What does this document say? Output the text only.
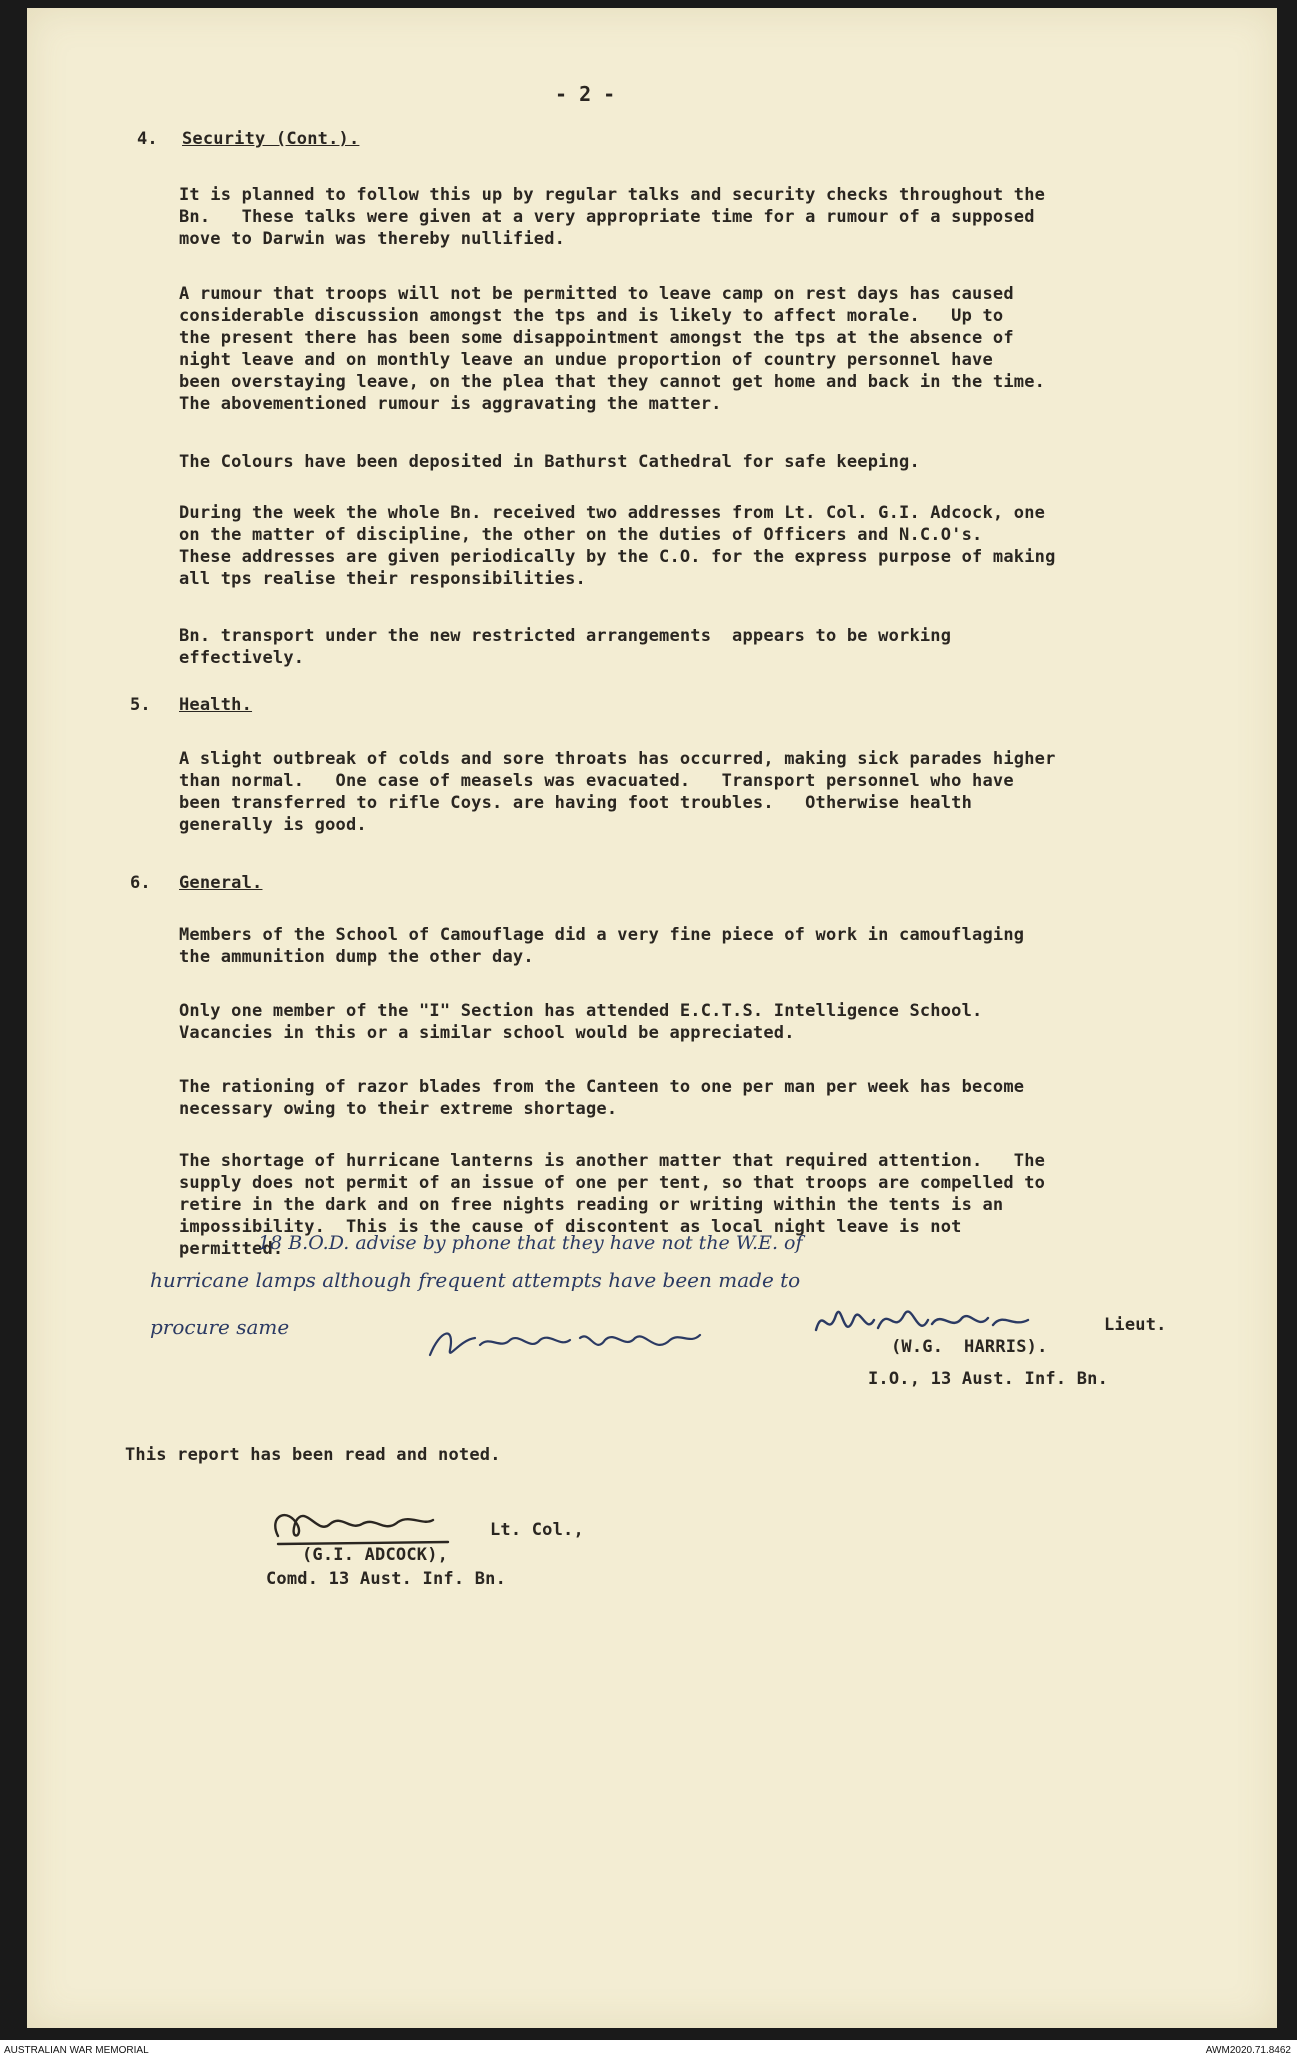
- 2 -
4. Security (Cont.).
It is planned to follow this up by regular talks and security checks throughout the
Bn.   These talks were given at a very appropriate time for a rumour of a supposed
move to Darwin was thereby nullified.
A rumour that troops will not be permitted to leave camp on rest days has caused
considerable discussion amongst the tps and is likely to affect morale.   Up to
the present there has been some disappointment amongst the tps at the absence of
night leave and on monthly leave an undue proportion of country personnel have
been overstaying leave, on the plea that they cannot get home and back in the time.
The abovementioned rumour is aggravating the matter.
The Colours have been deposited in Bathurst Cathedral for safe keeping.
During the week the whole Bn. received two addresses from Lt. Col. G.I. Adcock, one
on the matter of discipline, the other on the duties of Officers and N.C.O's.
These addresses are given periodically by the C.O. for the express purpose of making
all tps realise their responsibilities.
Bn. transport under the new restricted arrangements  appears to be working
effectively.
5. Health.
A slight outbreak of colds and sore throats has occurred, making sick parades higher
than normal.   One case of measels was evacuated.   Transport personnel who have
been transferred to rifle Coys. are having foot troubles.   Otherwise health
generally is good.
6. General.
Members of the School of Camouflage did a very fine piece of work in camouflaging
the ammunition dump the other day.
Only one member of the "I" Section has attended E.C.T.S. Intelligence School.
Vacancies in this or a similar school would be appreciated.
The rationing of razor blades from the Canteen to one per man per week has become
necessary owing to their extreme shortage.
The shortage of hurricane lanterns is another matter that required attention.   The
supply does not permit of an issue of one per tent, so that troops are compelled to
retire in the dark and on free nights reading or writing within the tents is an
impossibility.  This is the cause of discontent as local night leave is not
permitted.
18 B.O.D. advise by phone that they have not the W.E. of
hurricane lamps although frequent attempts have been made to
procure same	Lieut.
(W.G.  HARRIS).
I.O., 13 Aust. Inf. Bn.
This report has been read and noted.
Lt. Col.,
(G.I. ADCOCK),
Comd. 13 Aust. Inf. Bn.
AUSTRALIAN WAR MEMORIAL	AWM2020.71.8462
